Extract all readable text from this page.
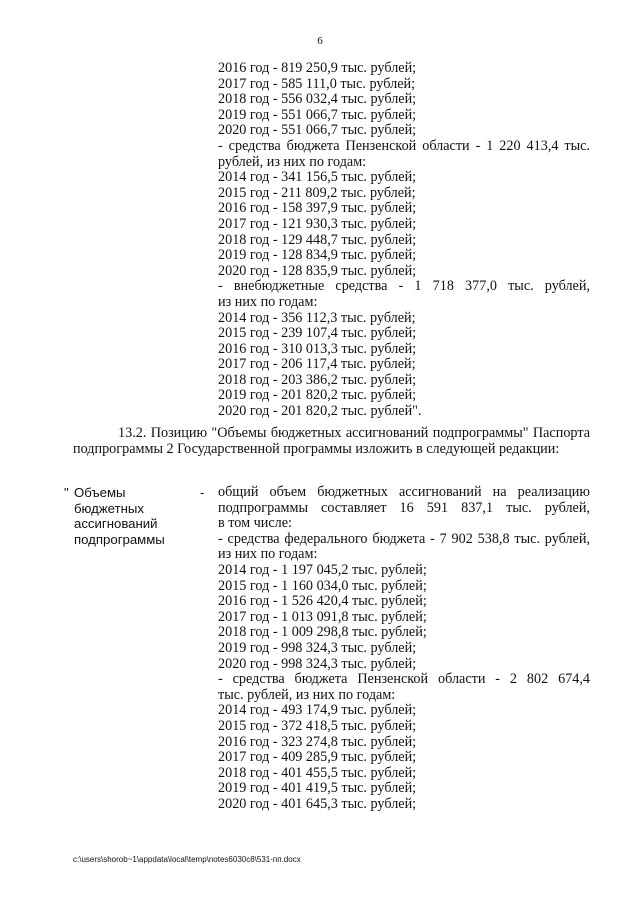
6
2016 год - 819 250,9 тыс. рублей;
2017 год - 585 111,0 тыс. рублей;
2018 год - 556 032,4 тыс. рублей;
2019 год - 551 066,7 тыс. рублей;
2020 год - 551 066,7 тыс. рублей;
- средства бюджета Пензенской области - 1 220 413,4 тыс.
рублей, из них по годам:
2014 год - 341 156,5 тыс. рублей;
2015 год - 211 809,2 тыс. рублей;
2016 год - 158 397,9 тыс. рублей;
2017 год - 121 930,3 тыс. рублей;
2018 год - 129 448,7 тыс. рублей;
2019 год - 128 834,9 тыс. рублей;
2020 год - 128 835,9 тыс. рублей;
- внебюджетные средства - 1 718 377,0 тыс. рублей,
из них по годам:
2014 год - 356 112,3 тыс. рублей;
2015 год - 239 107,4 тыс. рублей;
2016 год - 310 013,3 тыс. рублей;
2017 год - 206 117,4 тыс. рублей;
2018 год - 203 386,2 тыс. рублей;
2019 год - 201 820,2 тыс. рублей;
2020 год - 201 820,2 тыс. рублей".

13.2. Позицию "Объемы бюджетных ассигнований подпрограммы" Паспорта подпрограммы 2 Государственной программы изложить в следующей редакции:

" Объемы
бюджетных
ассигнований
подпрограммы
- общий объем бюджетных ассигнований на реализацию
подпрограммы составляет 16 591 837,1 тыс. рублей,
в том числе:
- средства федерального бюджета - 7 902 538,8 тыс. рублей,
из них по годам:
2014 год - 1 197 045,2 тыс. рублей;
2015 год - 1 160 034,0 тыс. рублей;
2016 год - 1 526 420,4 тыс. рублей;
2017 год - 1 013 091,8 тыс. рублей;
2018 год - 1 009 298,8 тыс. рублей;
2019 год - 998 324,3 тыс. рублей;
2020 год - 998 324,3 тыс. рублей;
- средства бюджета Пензенской области - 2 802 674,4
тыс. рублей, из них по годам:
2014 год - 493 174,9 тыс. рублей;
2015 год - 372 418,5 тыс. рублей;
2016 год - 323 274,8 тыс. рублей;
2017 год - 409 285,9 тыс. рублей;
2018 год - 401 455,5 тыс. рублей;
2019 год - 401 419,5 тыс. рублей;
2020 год - 401 645,3 тыс. рублей;
c:\users\shorob~1\appdata\local\temp\notes6030c8\531-пп.docx
